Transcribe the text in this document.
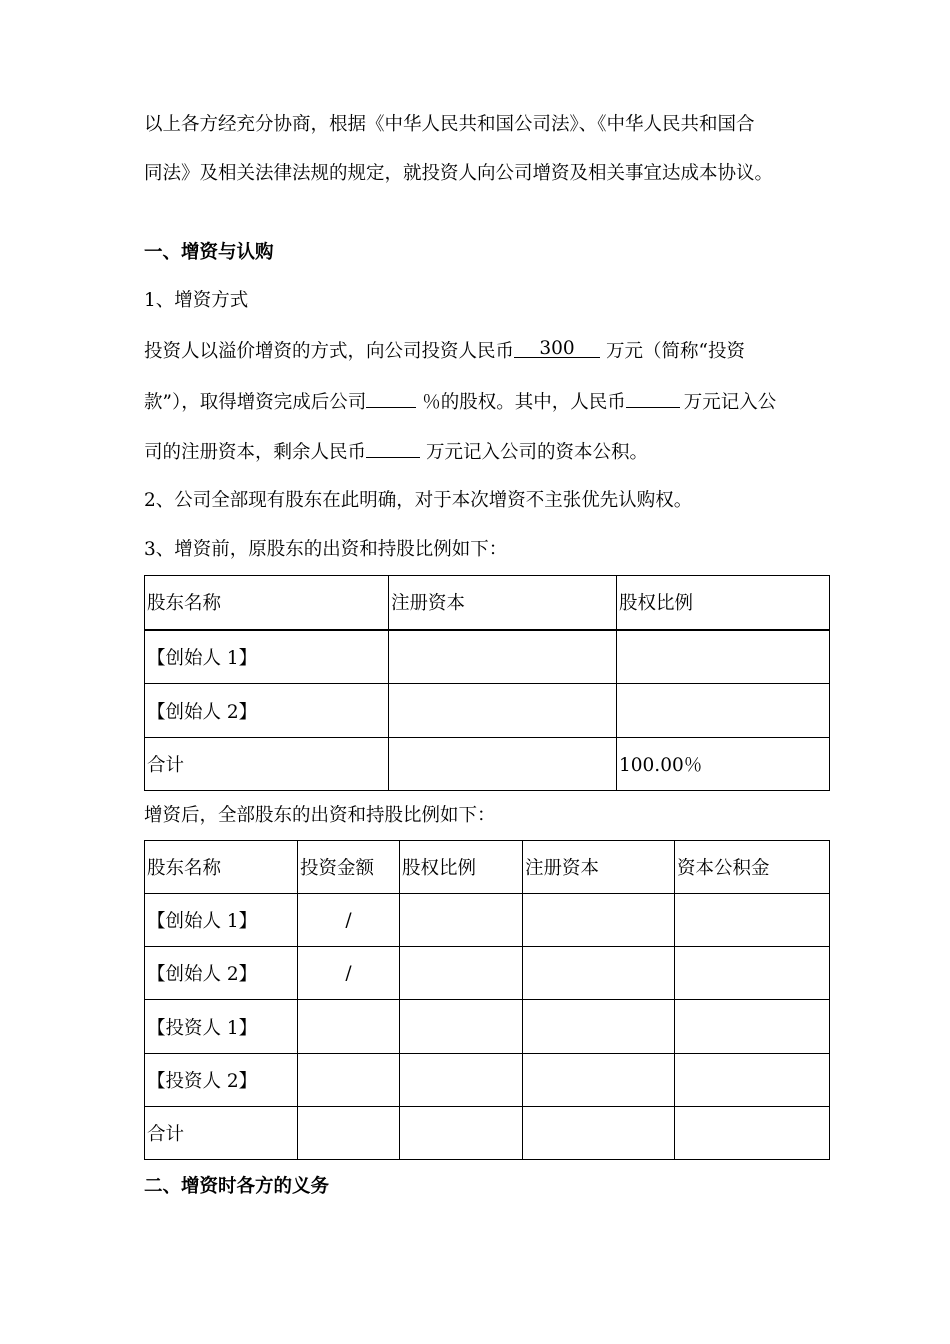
以上各方经充分协商，根据《中华人民共和国公司法》、《中华人民共和国合
同法》及相关法律法规的规定，就投资人向公司增资及相关事宜达成本协议。
一、增资与认购
1、增资方式
投资人以溢价增资的方式，向公司投资人民币 300 万元（简称“投资
款”），取得增资完成后公司	％的股权。其中，人民币	万元记入公
司的注册资本，剩余人民币	万元记入公司的资本公积。
2、公司全部现有股东在此明确，对于本次增资不主张优先认购权。
3、增资前，原股东的出资和持股比例如下：
股东名称	注册资本	股权比例
【创始人 1】		
【创始人 2】		
合计		100.00％
增资后，全部股东的出资和持股比例如下：
股东名称	投资金额	股权比例	注册资本	资本公积金
【创始人 1】	/			
【创始人 2】	/			
【投资人 1】				
【投资人 2】				
合计				
二、增资时各方的义务
